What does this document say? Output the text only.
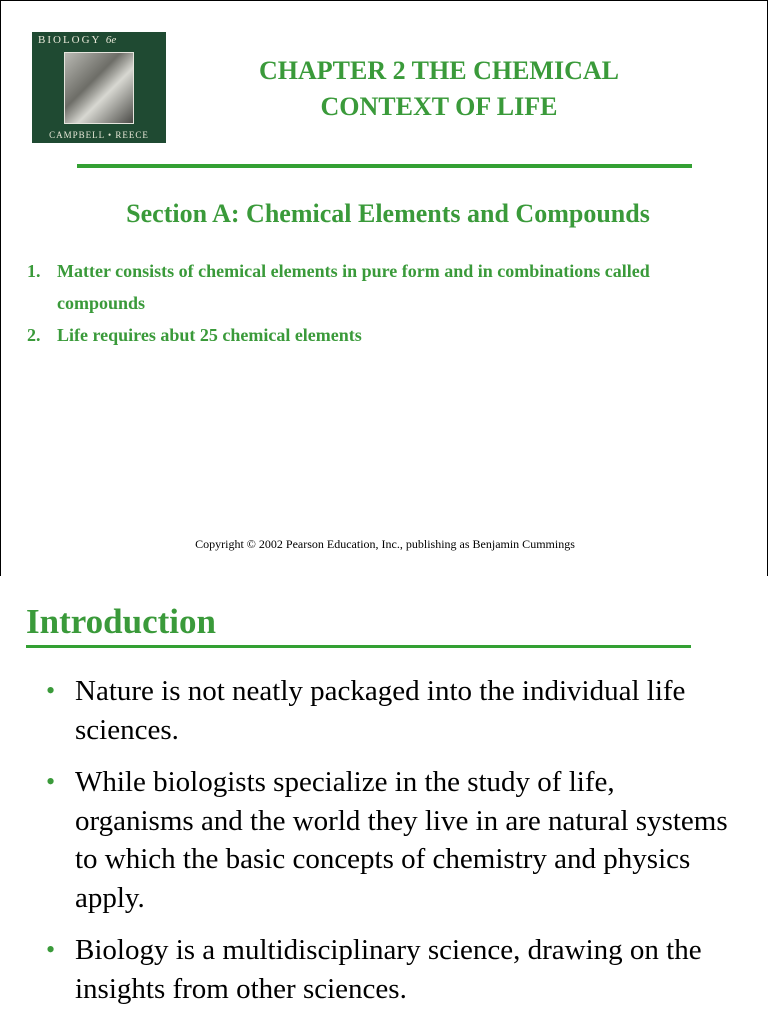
BIOLOGY 6e
CAMPBELL • REECE
CHAPTER 2 THE CHEMICAL
CONTEXT OF LIFE
Section A: Chemical Elements and Compounds
1. Matter consists of chemical elements in pure form and in combinations called compounds
2. Life requires abut 25 chemical elements
Copyright © 2002 Pearson Education, Inc., publishing as Benjamin Cummings
Introduction
• Nature is not neatly packaged into the individual life sciences.
• While biologists specialize in the study of life, organisms and the world they live in are natural systems to which the basic concepts of chemistry and physics apply.
• Biology is a multidisciplinary science, drawing on the insights from other sciences.
